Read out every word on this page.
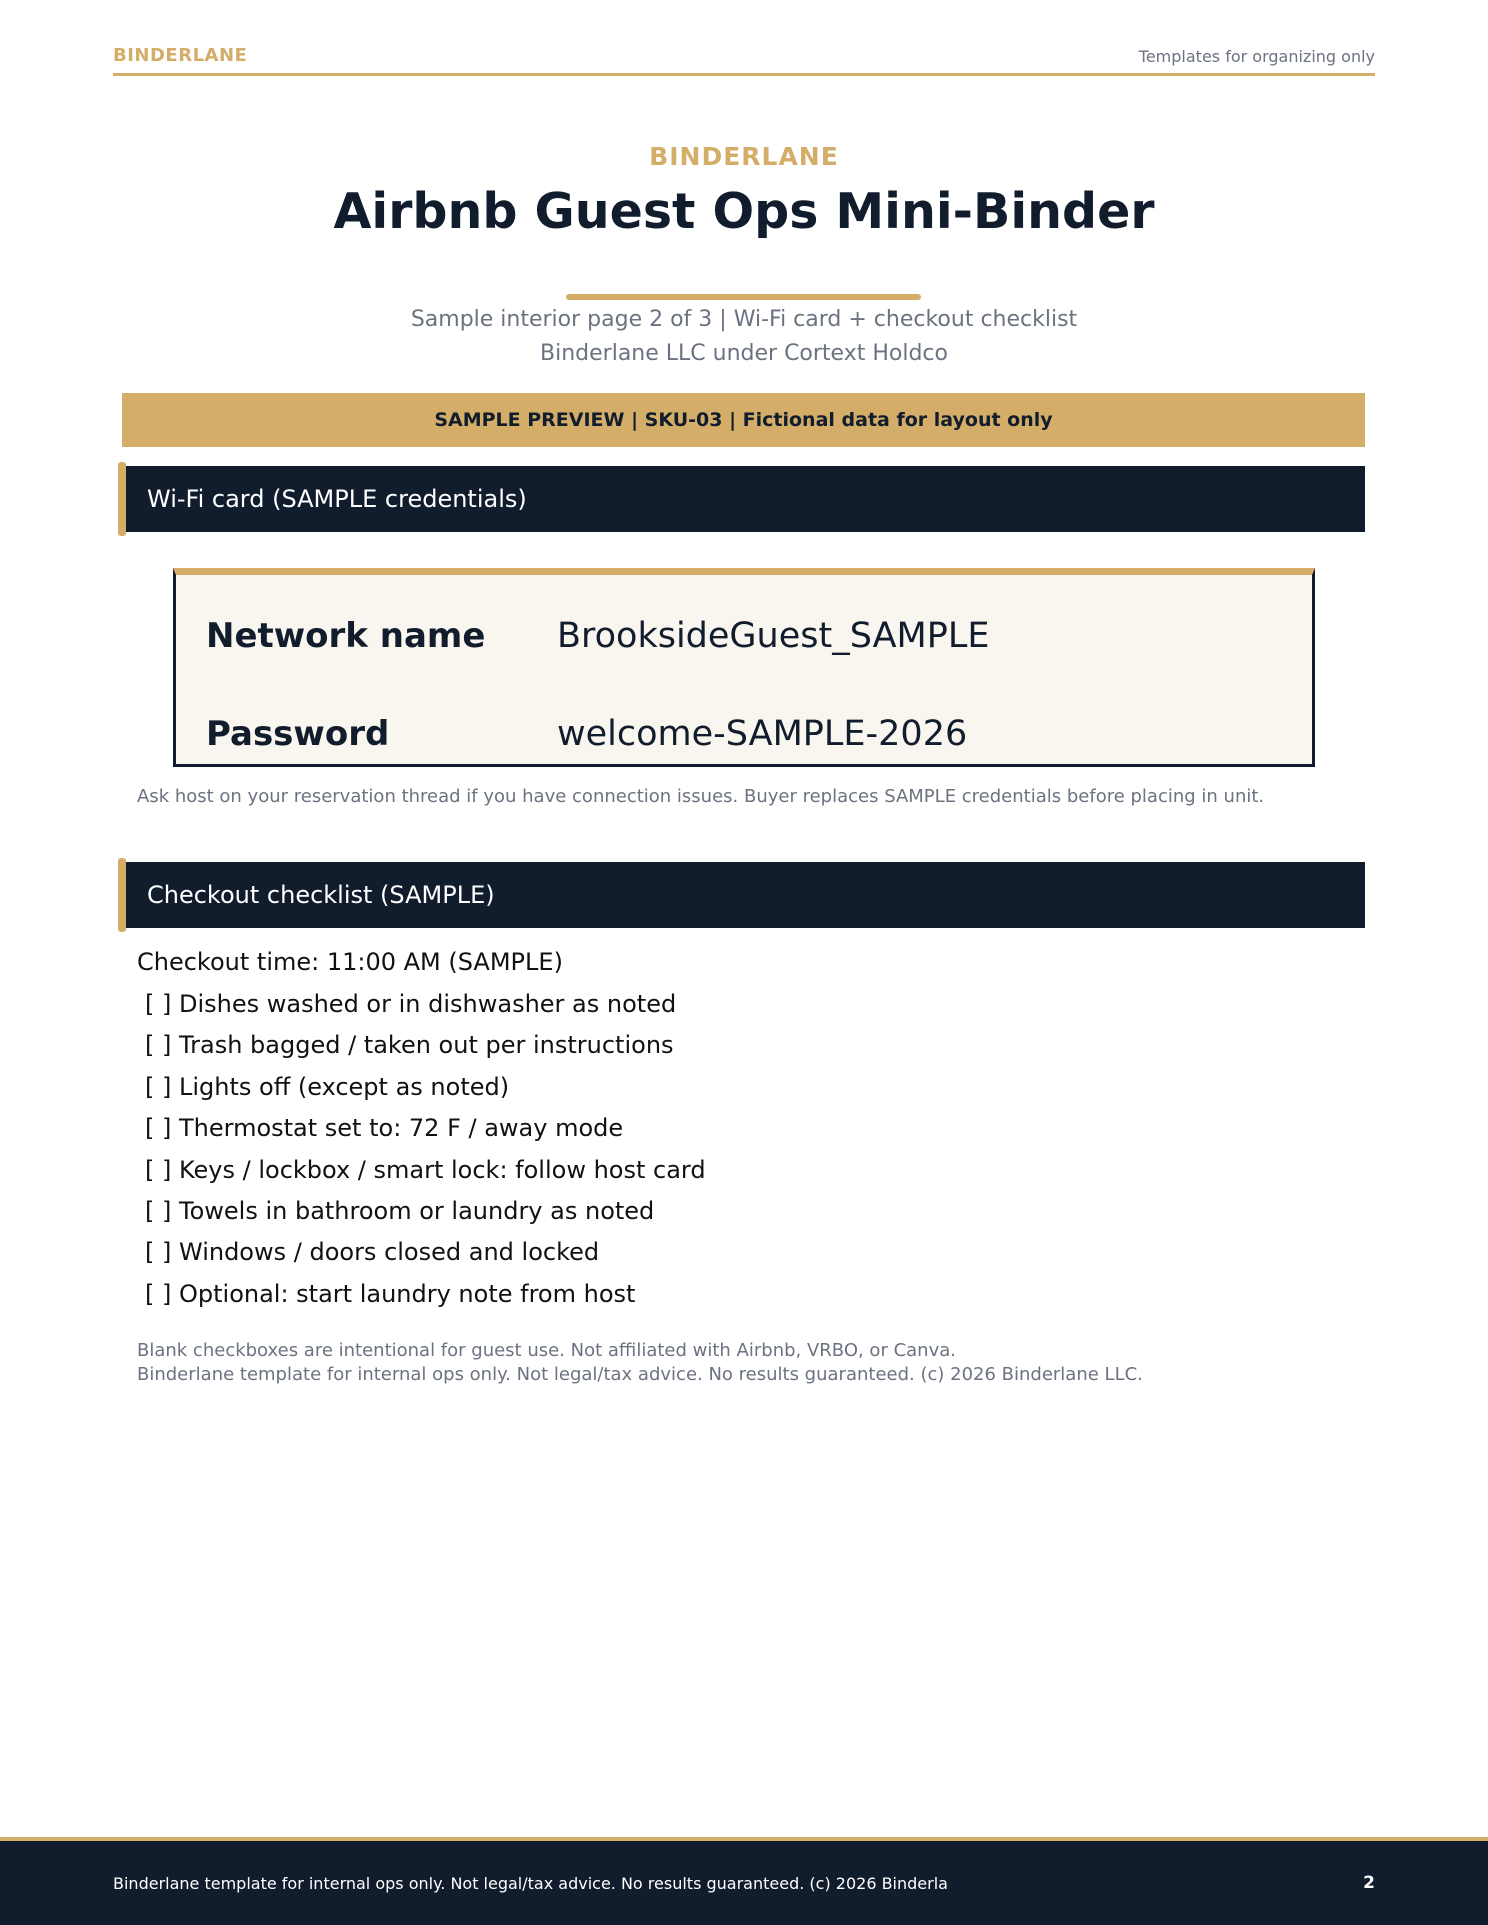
BINDERLANE	Templates for organizing only
BINDERLANE
Airbnb Guest Ops Mini-Binder
Sample interior page 2 of 3 | Wi-Fi card + checkout checklist
Binderlane LLC under Cortext Holdco
SAMPLE PREVIEW | SKU-03 | Fictional data for layout only
Wi-Fi card (SAMPLE credentials)
Network name BrooksideGuest_SAMPLE
Password	welcome-SAMPLE-2026
Ask host on your reservation thread if you have connection issues. Buyer replaces SAMPLE credentials before placing in unit.
Checkout checklist (SAMPLE)
Checkout time: 11:00 AM (SAMPLE)
[ ] Dishes washed or in dishwasher as noted
[ ] Trash bagged / taken out per instructions
[ ] Lights off (except as noted)
[ ] Thermostat set to: 72 F / away mode
[ ] Keys / lockbox / smart lock: follow host card
[ ] Towels in bathroom or laundry as noted
[ ] Windows / doors closed and locked
[ ] Optional: start laundry note from host
Blank checkboxes are intentional for guest use. Not affiliated with Airbnb, VRBO, or Canva.
Binderlane template for internal ops only. Not legal/tax advice. No results guaranteed. (c) 2026 Binderlane LLC.
Binderlane template for internal ops only. Not legal/tax advice. No results guaranteed. (c) 2026 Binderla	2
